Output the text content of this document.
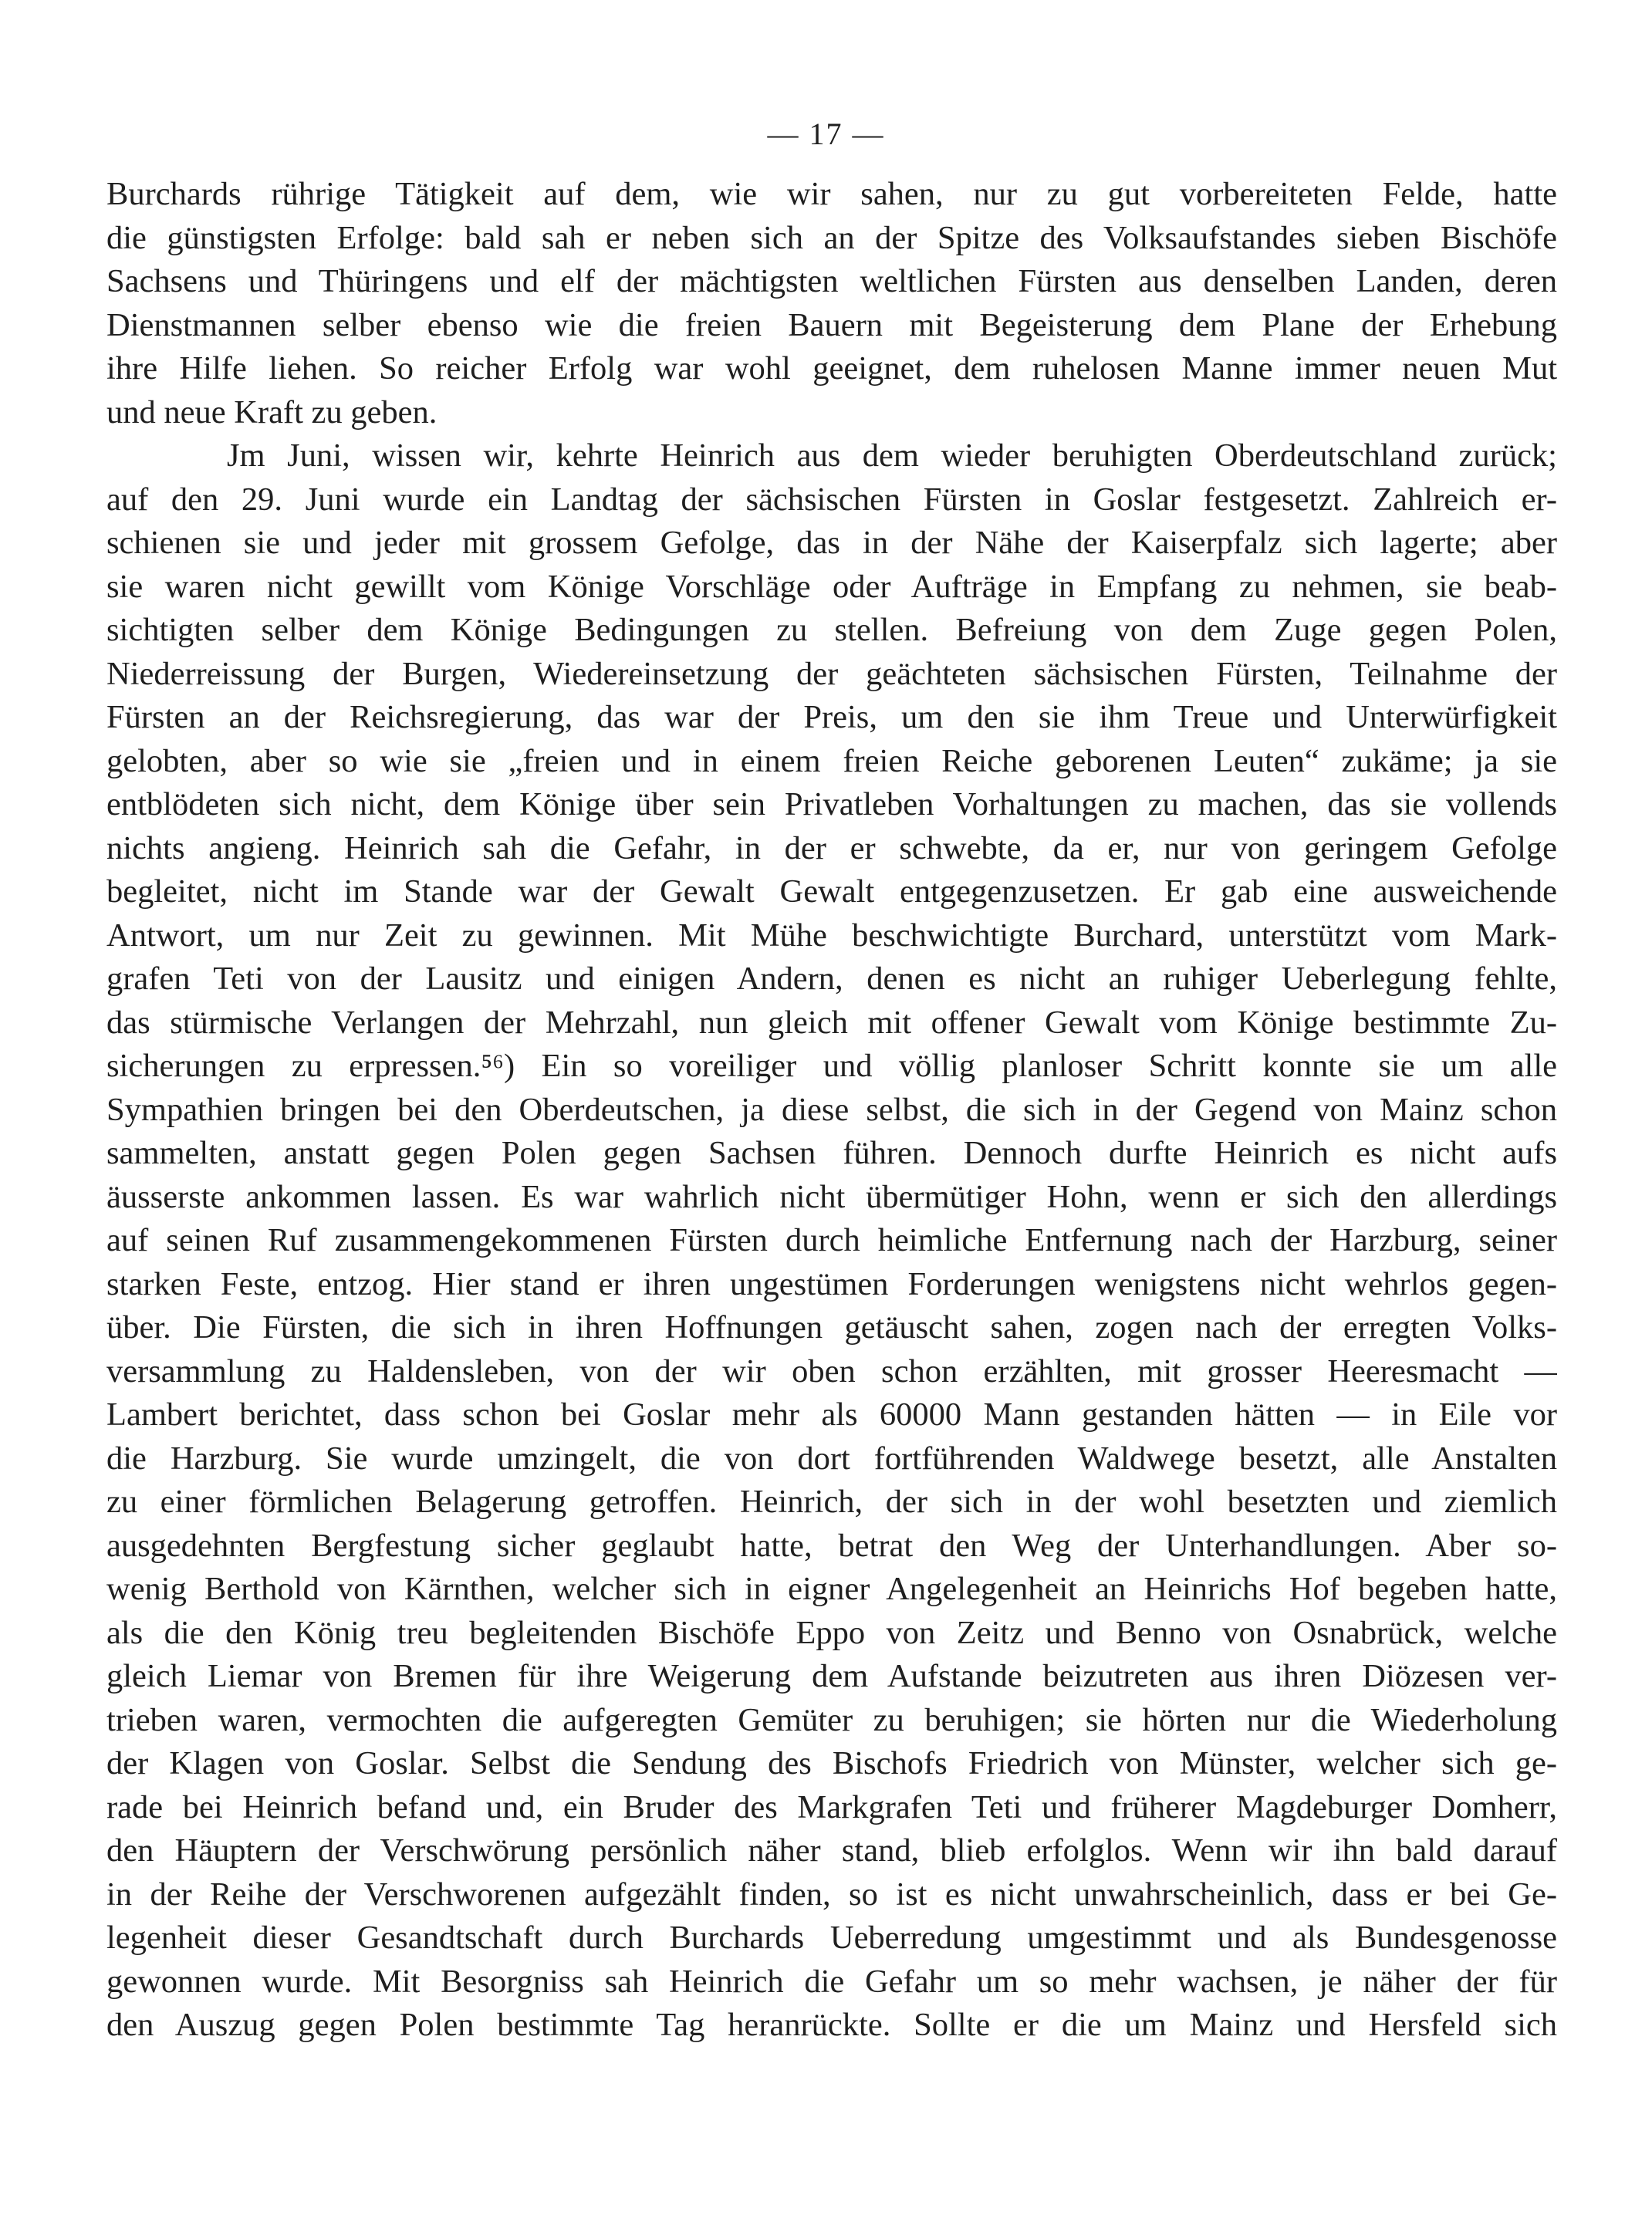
— 17 —
Burchards rührige Tätigkeit auf dem, wie wir sahen, nur zu gut vorbereiteten Felde, hatte
die günstigsten Erfolge: bald sah er neben sich an der Spitze des Volksaufstandes sieben Bischöfe
Sachsens und Thüringens und elf der mächtigsten weltlichen Fürsten aus denselben Landen, deren
Dienstmannen selber ebenso wie die freien Bauern mit Begeisterung dem Plane der Erhebung
ihre Hilfe liehen. So reicher Erfolg war wohl geeignet, dem ruhelosen Manne immer neuen Mut
und neue Kraft zu geben.
Jm Juni, wissen wir, kehrte Heinrich aus dem wieder beruhigten Oberdeutschland zurück;
auf den 29. Juni wurde ein Landtag der sächsischen Fürsten in Goslar festgesetzt. Zahlreich er-
schienen sie und jeder mit grossem Gefolge, das in der Nähe der Kaiserpfalz sich lagerte; aber
sie waren nicht gewillt vom Könige Vorschläge oder Aufträge in Empfang zu nehmen, sie beab-
sichtigten selber dem Könige Bedingungen zu stellen. Befreiung von dem Zuge gegen Polen,
Niederreissung der Burgen, Wiedereinsetzung der geächteten sächsischen Fürsten, Teilnahme der
Fürsten an der Reichsregierung, das war der Preis, um den sie ihm Treue und Unterwürfigkeit
gelobten, aber so wie sie „freien und in einem freien Reiche geborenen Leuten“ zukäme; ja sie
entblödeten sich nicht, dem Könige über sein Privatleben Vorhaltungen zu machen, das sie vollends
nichts angieng. Heinrich sah die Gefahr, in der er schwebte, da er, nur von geringem Gefolge
begleitet, nicht im Stande war der Gewalt Gewalt entgegenzusetzen. Er gab eine ausweichende
Antwort, um nur Zeit zu gewinnen. Mit Mühe beschwichtigte Burchard, unterstützt vom Mark-
grafen Teti von der Lausitz und einigen Andern, denen es nicht an ruhiger Ueberlegung fehlte,
das stürmische Verlangen der Mehrzahl, nun gleich mit offener Gewalt vom Könige bestimmte Zu-
sicherungen zu erpressen.⁵⁶) Ein so voreiliger und völlig planloser Schritt konnte sie um alle
Sympathien bringen bei den Oberdeutschen, ja diese selbst, die sich in der Gegend von Mainz schon
sammelten, anstatt gegen Polen gegen Sachsen führen. Dennoch durfte Heinrich es nicht aufs
äusserste ankommen lassen. Es war wahrlich nicht übermütiger Hohn, wenn er sich den allerdings
auf seinen Ruf zusammengekommenen Fürsten durch heimliche Entfernung nach der Harzburg, seiner
starken Feste, entzog. Hier stand er ihren ungestümen Forderungen wenigstens nicht wehrlos gegen-
über. Die Fürsten, die sich in ihren Hoffnungen getäuscht sahen, zogen nach der erregten Volks-
versammlung zu Haldensleben, von der wir oben schon erzählten, mit grosser Heeresmacht —
Lambert berichtet, dass schon bei Goslar mehr als 60000 Mann gestanden hätten — in Eile vor
die Harzburg. Sie wurde umzingelt, die von dort fortführenden Waldwege besetzt, alle Anstalten
zu einer förmlichen Belagerung getroffen. Heinrich, der sich in der wohl besetzten und ziemlich
ausgedehnten Bergfestung sicher geglaubt hatte, betrat den Weg der Unterhandlungen. Aber so-
wenig Berthold von Kärnthen, welcher sich in eigner Angelegenheit an Heinrichs Hof begeben hatte,
als die den König treu begleitenden Bischöfe Eppo von Zeitz und Benno von Osnabrück, welche
gleich Liemar von Bremen für ihre Weigerung dem Aufstande beizutreten aus ihren Diözesen ver-
trieben waren, vermochten die aufgeregten Gemüter zu beruhigen; sie hörten nur die Wiederholung
der Klagen von Goslar. Selbst die Sendung des Bischofs Friedrich von Münster, welcher sich ge-
rade bei Heinrich befand und, ein Bruder des Markgrafen Teti und früherer Magdeburger Domherr,
den Häuptern der Verschwörung persönlich näher stand, blieb erfolglos. Wenn wir ihn bald darauf
in der Reihe der Verschworenen aufgezählt finden, so ist es nicht unwahrscheinlich, dass er bei Ge-
legenheit dieser Gesandtschaft durch Burchards Ueberredung umgestimmt und als Bundesgenosse
gewonnen wurde. Mit Besorgniss sah Heinrich die Gefahr um so mehr wachsen, je näher der für
den Auszug gegen Polen bestimmte Tag heranrückte. Sollte er die um Mainz und Hersfeld sich
